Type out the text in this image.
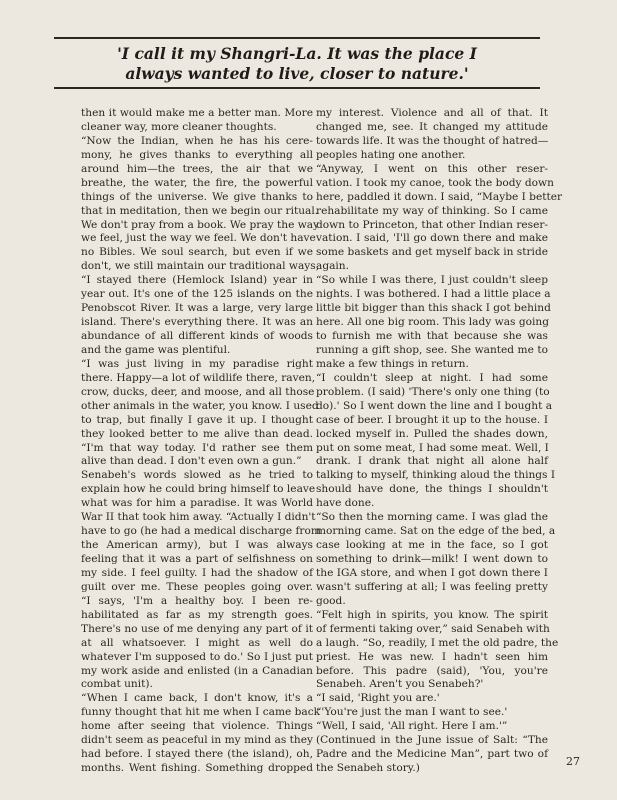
'I call it my Shangri-La. It was the place I
always wanted to live, closer to nature.'
then it would make me a better man. More
cleaner way, more cleaner thoughts.
“Now the Indian, when he has his cere-
mony, he gives thanks to everything all
around him—the trees, the air that we
breathe, the water, the fire, the powerful
things of the universe. We give thanks to
that in meditation, then we begin our ritual.
We don't pray from a book. We pray the way
we feel, just the way we feel. We don't have
no Bibles. We soul search, but even if we
don't, we still maintain our traditional ways,
“I stayed there (Hemlock Island) year in
year out. It's one of the 125 islands on the
Penobscot River. It was a large, very large
island. There's everything there. It was an
abundance of all different kinds of woods
and the game was plentiful.
“I was just living in my paradise right
there. Happy—a lot of wildlife there, raven,
crow, ducks, deer, and moose, and all those
other animals in the water, you know. I used
to trap, but finally I gave it up. I thought
they looked better to me alive than dead.
“I'm that way today. I'd rather see them
alive than dead. I don't even own a gun.”
Senabeh's words slowed as he tried to
explain how he could bring himself to leave
what was for him a paradise. It was World
War II that took him away. “Actually I didn't
have to go (he had a medical discharge from
the American army), but I was always
feeling that it was a part of selfishness on
my side. I feel guilty. I had the shadow of
guilt over me. These peoples going over.
“I says, 'I'm a healthy boy. I been re-
habilitated as far as my strength goes.
There's no use of me denying any part of it
at all whatsoever. I might as well do
whatever I'm supposed to do.' So I just put
my work aside and enlisted (in a Canadian
combat unit).
“When I came back, I don't know, it's a
funny thought that hit me when I came back
home after seeing that violence. Things
didn't seem as peaceful in my mind as they
had before. I stayed there (the island), oh,
months. Went fishing. Something dropped
my interest. Violence and all of that. It
changed me, see. It changed my attitude
towards life. It was the thought of hatred—
peoples hating one another.
“Anyway, I went on this other reser-
vation. I took my canoe, took the body down
here, paddled it down. I said, “Maybe I better
rehabilitate my way of thinking. So I came
down to Princeton, that other Indian reser-
vation. I said, 'I'll go down there and make
some baskets and get myself back in stride
again.
“So while I was there, I just couldn't sleep
nights. I was bothered. I had a little place a
little bit bigger than this shack I got behind
here. All one big room. This lady was going
to furnish me with that because she was
running a gift shop, see. She wanted me to
make a few things in return.
“I couldn't sleep at night. I had some
problem. (I said) 'There's only one thing (to
do).' So I went down the line and I bought a
case of beer. I brought it up to the house. I
locked myself in. Pulled the shades down,
put on some meat, I had some meat. Well, I
drank. I drank that night all alone half
talking to myself, thinking aloud the things I
should have done, the things I shouldn't
have done.
“So then the morning came. I was glad the
morning came. Sat on the edge of the bed, a
case looking at me in the face, so I got
something to drink—milk! I went down to
the IGA store, and when I got down there I
wasn't suffering at all; I was feeling pretty
good.
“Felt high in spirits, you know. The spirit
of fermenti taking over,” said Senabeh with
a laugh. “So, readily, I met the old padre, the
priest. He was new. I hadn't seen him
before. This padre (said), 'You, you're
Senabeh. Aren't you Senabeh?'
“I said, 'Right you are.'
“'You're just the man I want to see.'
“Well, I said, 'All right. Here I am.'”
(Continued in the June issue of Salt: “The
Padre and the Medicine Man”, part two of
the Senabeh story.)
27
